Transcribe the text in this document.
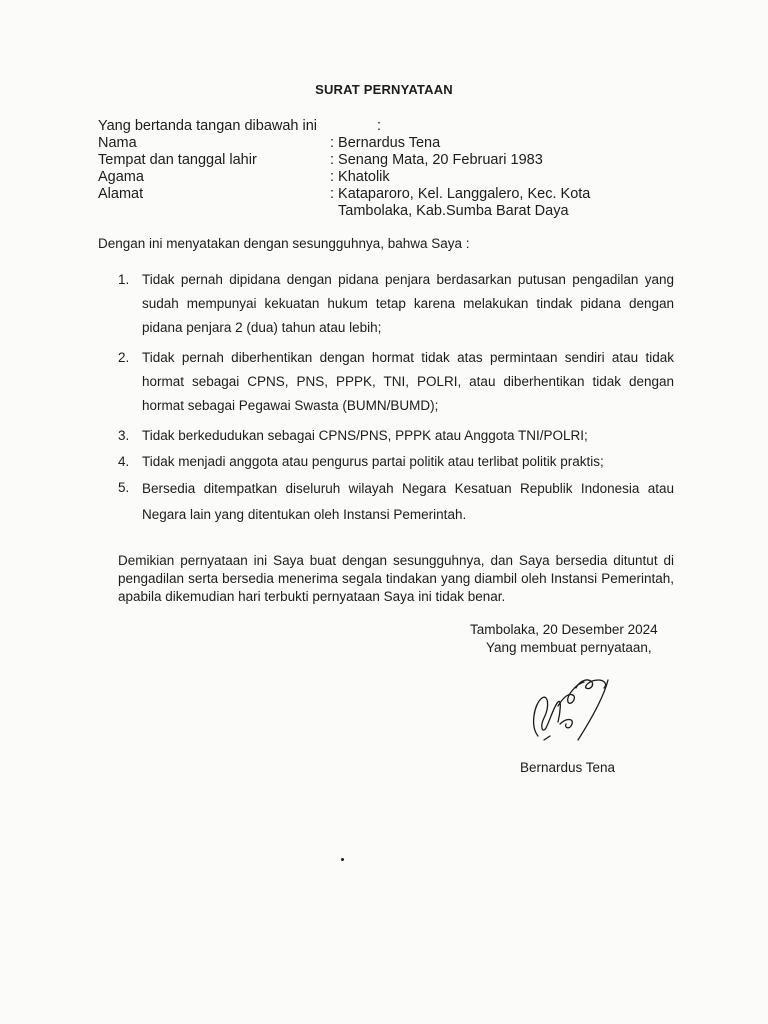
SURAT PERNYATAAN
Yang bertanda tangan dibawah ini	:
Nama	: Bernardus Tena
Tempat dan tanggal lahir	: Senang Mata, 20 Februari 1983
Agama	: Khatolik
Alamat	: Kataparoro, Kel. Langgalero, Kec. Kota
Tambolaka, Kab.Sumba Barat Daya
Dengan ini menyatakan dengan sesungguhnya, bahwa Saya :
1. Tidak pernah dipidana dengan pidana penjara berdasarkan putusan pengadilan yang sudah mempunyai kekuatan hukum tetap karena melakukan tindak pidana dengan pidana penjara 2 (dua) tahun atau lebih;
2. Tidak pernah diberhentikan dengan hormat tidak atas permintaan sendiri atau tidak hormat sebagai CPNS, PNS, PPPK, TNI, POLRI, atau diberhentikan tidak dengan hormat sebagai Pegawai Swasta (BUMN/BUMD);
3. Tidak berkedudukan sebagai CPNS/PNS, PPPK atau Anggota TNI/POLRI;
4. Tidak menjadi anggota atau pengurus partai politik atau terlibat politik praktis;
5. Bersedia ditempatkan diseluruh wilayah Negara Kesatuan Republik Indonesia atau Negara lain yang ditentukan oleh Instansi Pemerintah.
Demikian pernyataan ini Saya buat dengan sesungguhnya, dan Saya bersedia dituntut di pengadilan serta bersedia menerima segala tindakan yang diambil oleh Instansi Pemerintah, apabila dikemudian hari terbukti pernyataan Saya ini tidak benar.
Tambolaka, 20 Desember 2024
Yang membuat pernyataan,
Bernardus Tena
